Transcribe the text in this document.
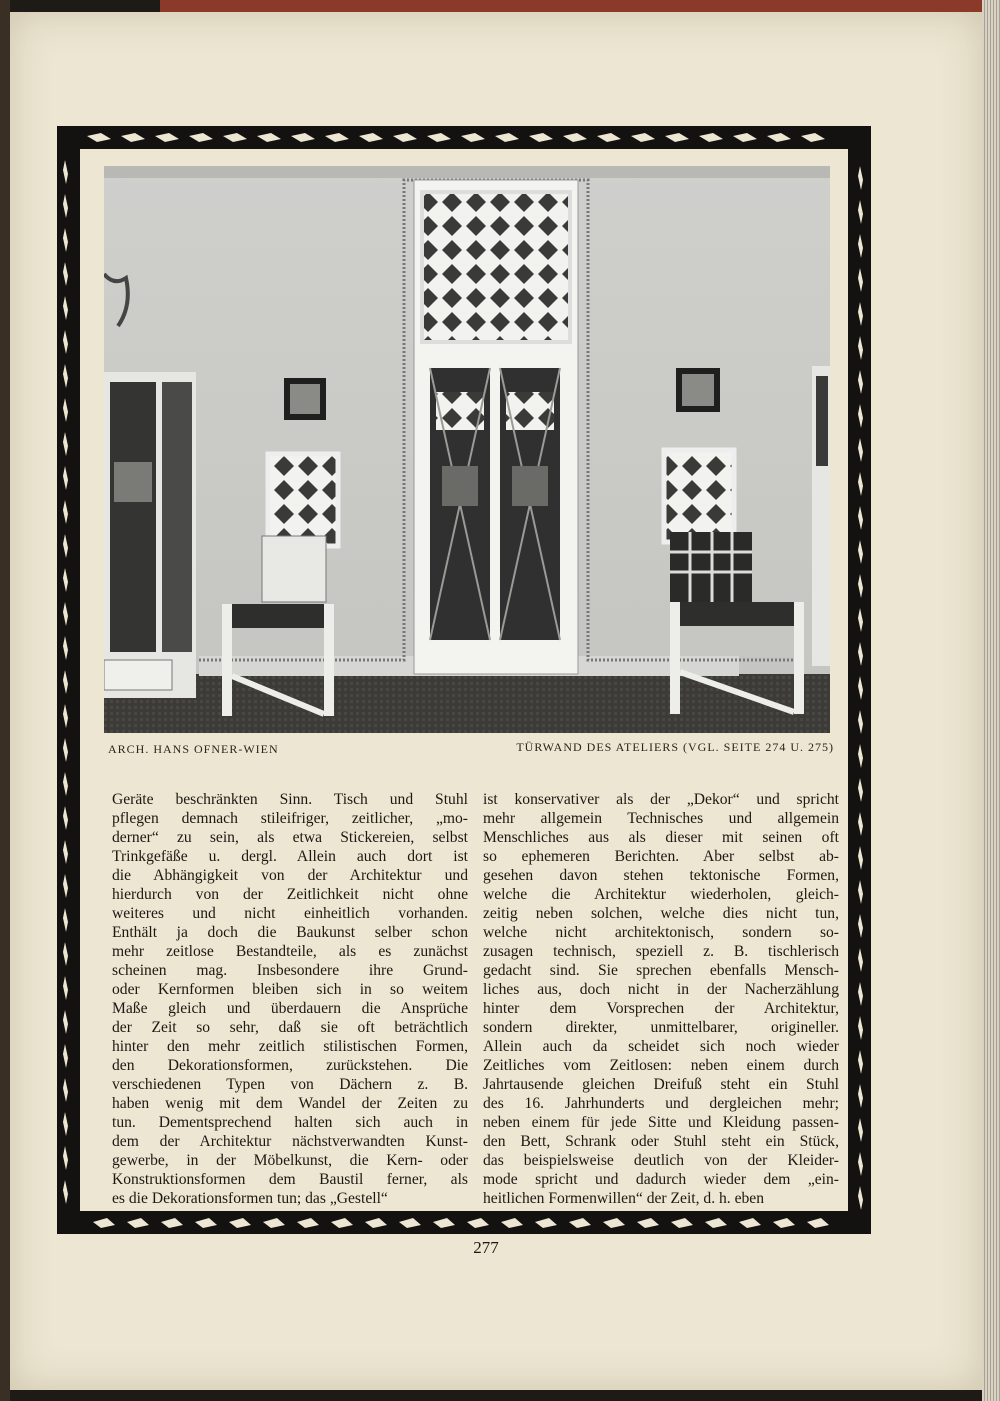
ARCH. HANS OFNER-WIEN	TÜRWAND DES ATELIERS (VGL. SEITE 274 U. 275)
Geräte beschränkten Sinn. Tisch und Stuhl
pflegen demnach stileifriger, zeitlicher, „mo-
derner“ zu sein, als etwa Stickereien, selbst
Trinkgefäße u. dergl. Allein auch dort ist
die Abhängigkeit von der Architektur und
hierdurch von der Zeitlichkeit nicht ohne
weiteres und nicht einheitlich vorhanden.
Enthält ja doch die Baukunst selber schon
mehr zeitlose Bestandteile, als es zunächst
scheinen mag. Insbesondere ihre Grund-
oder Kernformen bleiben sich in so weitem
Maße gleich und überdauern die Ansprüche
der Zeit so sehr, daß sie oft beträchtlich
hinter den mehr zeitlich stilistischen Formen,
den Dekorationsformen, zurückstehen. Die
verschiedenen Typen von Dächern z. B.
haben wenig mit dem Wandel der Zeiten zu
tun. Dementsprechend halten sich auch in
dem der Architektur nächstverwandten Kunst-
gewerbe, in der Möbelkunst, die Kern- oder
Konstruktionsformen dem Baustil ferner, als
es die Dekorationsformen tun; das „Gestell“
ist konservativer als der „Dekor“ und spricht
mehr allgemein Technisches und allgemein
Menschliches aus als dieser mit seinen oft
so ephemeren Berichten. Aber selbst ab-
gesehen davon stehen tektonische Formen,
welche die Architektur wiederholen, gleich-
zeitig neben solchen, welche dies nicht tun,
welche nicht architektonisch, sondern so-
zusagen technisch, speziell z. B. tischlerisch
gedacht sind. Sie sprechen ebenfalls Mensch-
liches aus, doch nicht in der Nacherzählung
hinter dem Vorsprechen der Architektur,
sondern direkter, unmittelbarer, origineller.
Allein auch da scheidet sich noch wieder
Zeitliches vom Zeitlosen: neben einem durch
Jahrtausende gleichen Dreifuß steht ein Stuhl
des 16. Jahrhunderts und dergleichen mehr;
neben einem für jede Sitte und Kleidung passen-
den Bett, Schrank oder Stuhl steht ein Stück,
das beispielsweise deutlich von der Kleider-
mode spricht und dadurch wieder dem „ein-
heitlichen Formenwillen“ der Zeit, d. h. eben
277
